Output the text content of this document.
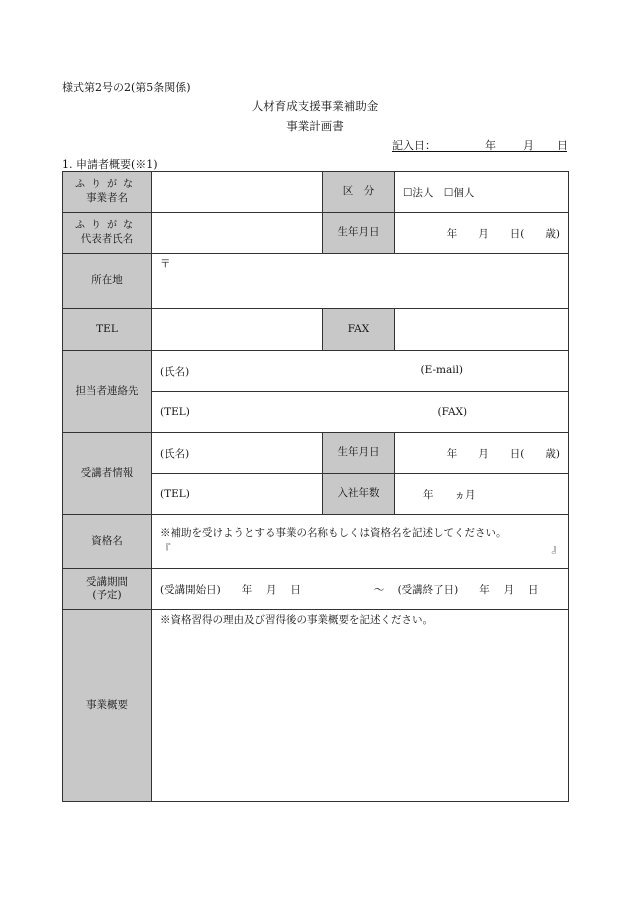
様式第2号の2(第5条関係)
人材育成支援事業補助金
事業計画書
記入日：	年 月 日
1. 申請者概要(※1)
ふりがな
事業者名		区　分	☐法人　☐個人

ふりがな
代表者氏名		生年月日	年　　月　　日(　　歳)
所在地	〒		
TEL		FAX	
担当者連絡先	(氏名) (E-mail)		

	(TEL) (FAX)		

受講者情報	(氏名)	生年月日	年　　月　　日(　　歳)
	(TEL)	入社年数	年　　ヵ月
資格名	※補助を受けようとする事業の名称もしくは資格名を記述してください。
『 』		

受講期間
(予定)	(受講開始日)　　年　 月　 日 ～ (受講終了日)　　年　 月　 日		
事業概要	※資格習得の理由及び習得後の事業概要を記述ください。		
